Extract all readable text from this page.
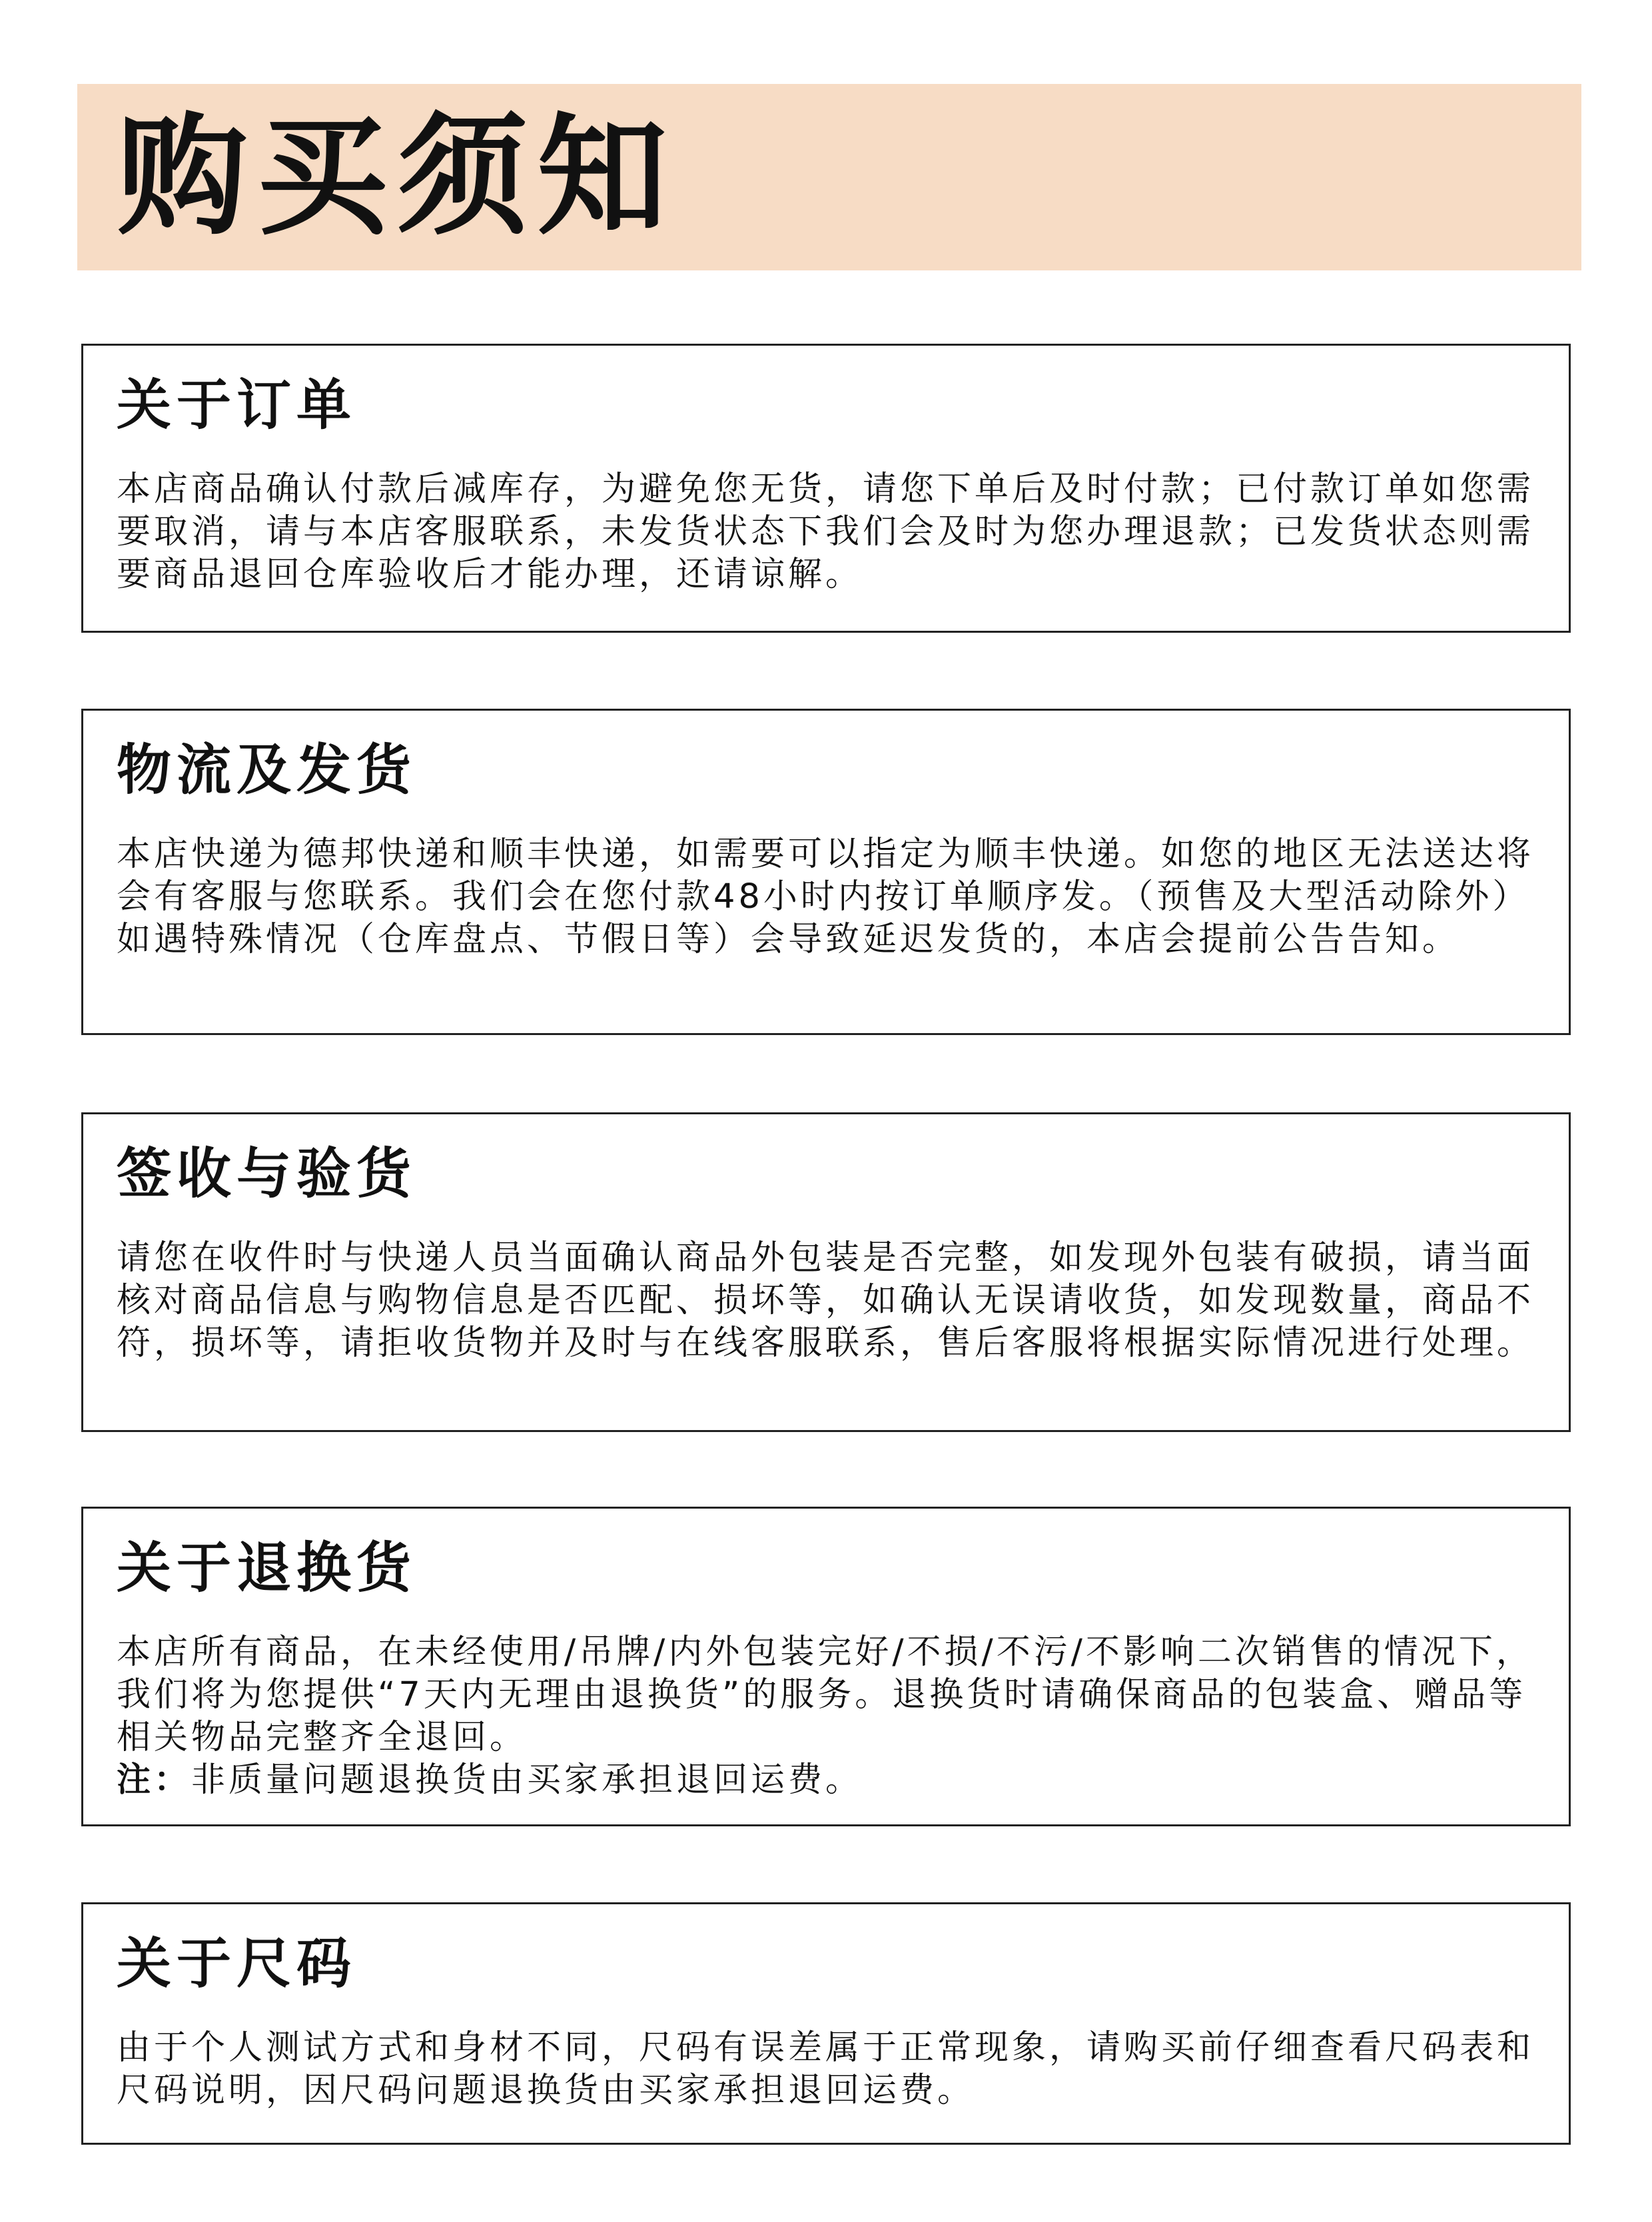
购买须知
关于订单

本店商品确认付款后减库存，为避免您无货，请您下单后及时付款；已付款订单如您需要取消，请与本店客服联系，未发货状态下我们会及时为您办理退款；已发货状态则需要商品退回仓库验收后才能办理，还请谅解。

物流及发货

本店快递为德邦快递和顺丰快递，如需要可以指定为顺丰快递。如您的地区无法送达将会有客服与您联系。我们会在您付款48小时内按订单顺序发。（预售及大型活动除外）如遇特殊情况（仓库盘点、节假日等）会导致延迟发货的，本店会提前公告告知。

签收与验货

请您在收件时与快递人员当面确认商品外包装是否完整，如发现外包装有破损，请当面核对商品信息与购物信息是否匹配、损坏等，如确认无误请收货，如发现数量，商品不符，损坏等，请拒收货物并及时与在线客服联系，售后客服将根据实际情况进行处理。

关于退换货

本店所有商品，在未经使用/吊牌/内外包装完好/不损/不污/不影响二次销售的情况下，我们将为您提供“7天内无理由退换货”的服务。退换货时请确保商品的包装盒、赠品等相关物品完整齐全退回。

注：非质量问题退换货由买家承担退回运费。

关于尺码

由于个人测试方式和身材不同，尺码有误差属于正常现象，请购买前仔细查看尺码表和尺码说明，因尺码问题退换货由买家承担退回运费。
